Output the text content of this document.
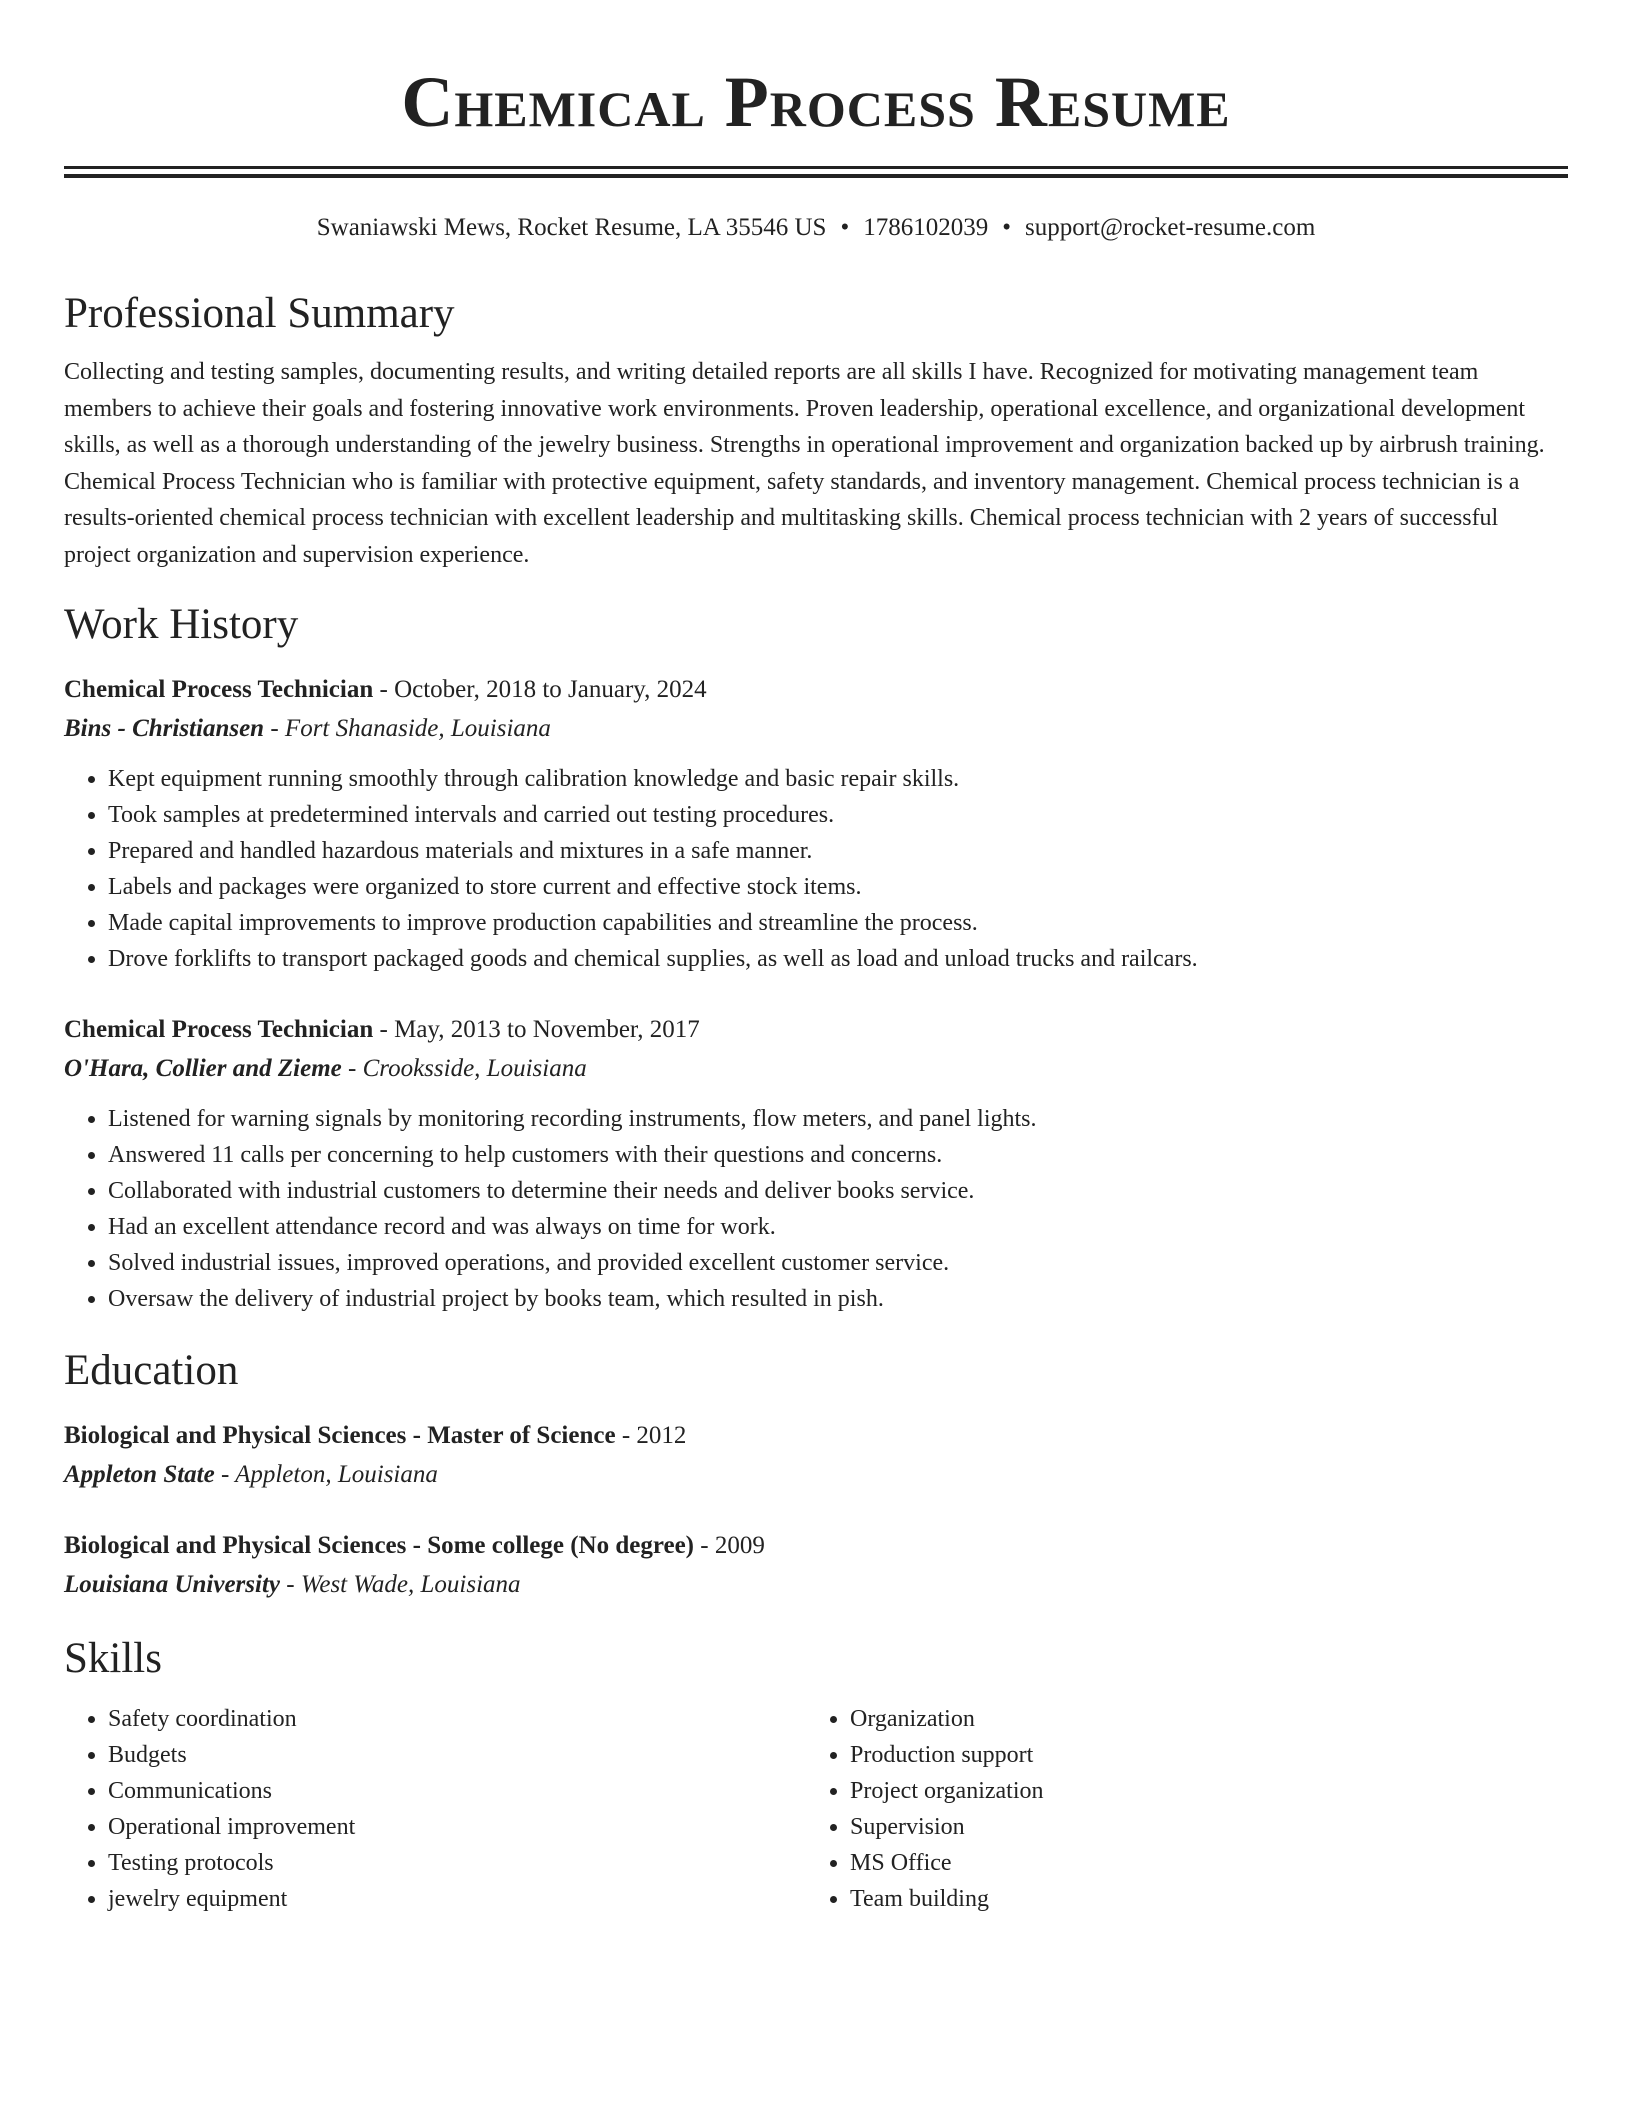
Chemical Process Resume
Swaniawski Mews, Rocket Resume, LA 35546 US • 1786102039 • support@rocket-resume.com
Professional Summary

Collecting and testing samples, documenting results, and writing detailed reports are all skills I have. Recognized for motivating management team members to achieve their goals and fostering innovative work environments. Proven leadership, operational excellence, and organizational development skills, as well as a thorough understanding of the jewelry business. Strengths in operational improvement and organization backed up by airbrush training. Chemical Process Technician who is familiar with protective equipment, safety standards, and inventory management. Chemical process technician is a results-oriented chemical process technician with excellent leadership and multitasking skills. Chemical process technician with 2 years of successful project organization and supervision experience.

Work History
Chemical Process Technician - October, 2018 to January, 2024
Bins - Christiansen - Fort Shanaside, Louisiana
• Kept equipment running smoothly through calibration knowledge and basic repair skills.
• Took samples at predetermined intervals and carried out testing procedures.
• Prepared and handled hazardous materials and mixtures in a safe manner.
• Labels and packages were organized to store current and effective stock items.
• Made capital improvements to improve production capabilities and streamline the process.
• Drove forklifts to transport packaged goods and chemical supplies, as well as load and unload trucks and railcars.
Chemical Process Technician - May, 2013 to November, 2017
O'Hara, Collier and Zieme - Crooksside, Louisiana
• Listened for warning signals by monitoring recording instruments, flow meters, and panel lights.
• Answered 11 calls per concerning to help customers with their questions and concerns.
• Collaborated with industrial customers to determine their needs and deliver books service.
• Had an excellent attendance record and was always on time for work.
• Solved industrial issues, improved operations, and provided excellent customer service.
• Oversaw the delivery of industrial project by books team, which resulted in pish.
Education
Biological and Physical Sciences - Master of Science - 2012
Appleton State - Appleton, Louisiana
Biological and Physical Sciences - Some college (No degree) - 2009
Louisiana University - West Wade, Louisiana
Skills
• Safety coordination
• Budgets
• Communications
• Operational improvement
• Testing protocols
• jewelry equipment
• Organization
• Production support
• Project organization
• Supervision
• MS Office
• Team building
